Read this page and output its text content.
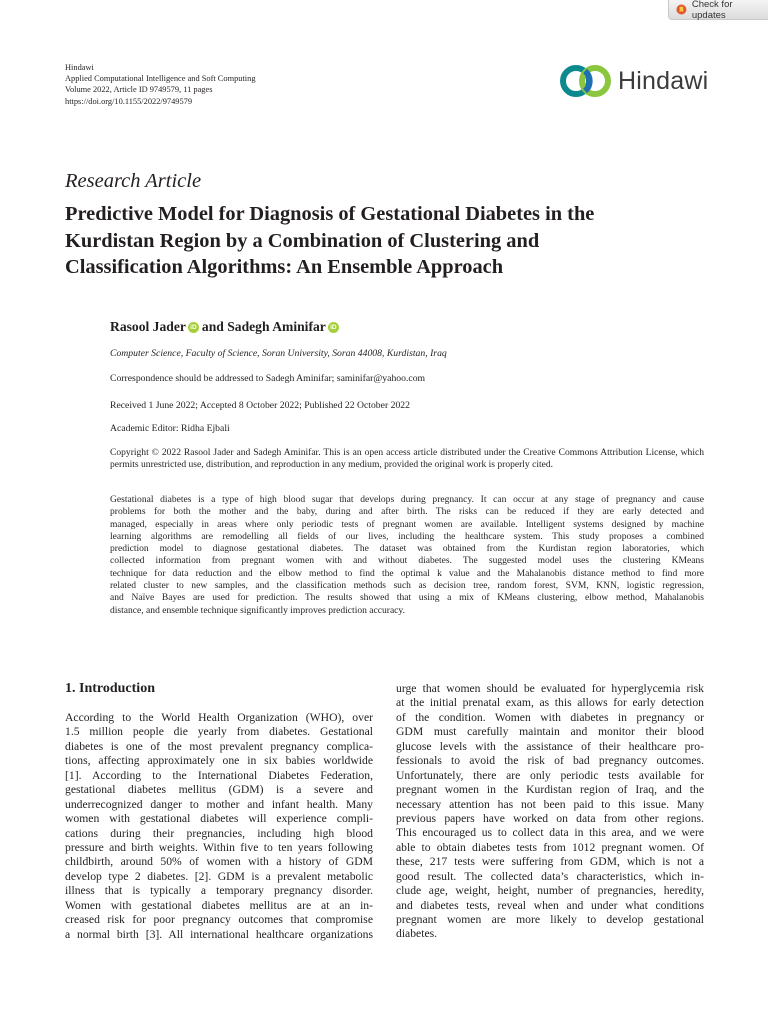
Check for updates
Hindawi
Applied Computational Intelligence and Soft Computing
Volume 2022, Article ID 9749579, 11 pages
https://doi.org/10.1155/2022/9749579
Hindawi
Research Article
Predictive Model for Diagnosis of Gestational Diabetes in the
Kurdistan Region by a Combination of Clustering and
Classification Algorithms: An Ensemble Approach
Rasool Jader iD and
Sadegh Aminifar iD
Computer Science, Faculty of Science, Soran University, Soran 44008, Kurdistan, Iraq
Correspondence should be addressed to Sadegh Aminifar; saminifar@yahoo.com
Received 1 June 2022; Accepted 8 October 2022; Published 22 October 2022
Academic Editor: Ridha Ejbali
Copyright © 2022 Rasool Jader and Sadegh Aminifar. This is an open access article distributed under the Creative Commons Attribution License, which permits unrestricted use, distribution, and reproduction in any medium, provided the original work is properly cited.
Gestational diabetes is a type of high blood sugar that develops during pregnancy. It can occur at any stage of pregnancy and cause
problems for both the mother and the baby, during and after birth. The risks can be reduced if they are early detected and
managed, especially in areas where only periodic tests of pregnant women are available. Intelligent systems designed by machine
learning algorithms are remodelling all fields of our lives, including the healthcare system. This study proposes a combined
prediction model to diagnose gestational diabetes. The dataset was obtained from the Kurdistan region laboratories, which
collected information from pregnant women with and without diabetes. The suggested model uses the clustering KMeans
technique for data reduction and the elbow method to find the optimal k value and the Mahalanobis distance method to find more
related cluster to new samples, and the classification methods such as decision tree, random forest, SVM, KNN, logistic regression,
and Naïve Bayes are used for prediction. The results showed that using a mix of KMeans clustering, elbow method, Mahalanobis
distance, and ensemble technique significantly improves prediction accuracy.
1. Introduction
According to the World Health Organization (WHO), over
1.5 million people die yearly from diabetes. Gestational
diabetes is one of the most prevalent pregnancy complica-
tions, affecting approximately one in six babies worldwide
[1]. According to the International Diabetes Federation,
gestational diabetes mellitus (GDM) is a severe and
underrecognized danger to mother and infant health. Many
women with gestational diabetes will experience compli-
cations during their pregnancies, including high blood
pressure and birth weights. Within five to ten years following
childbirth, around 50% of women with a history of GDM
develop type 2 diabetes. [2]. GDM is a prevalent metabolic
illness that is typically a temporary pregnancy disorder.
Women with gestational diabetes mellitus are at an in-
creased risk for poor pregnancy outcomes that compromise
a normal birth [3]. All international healthcare organizations
urge that women should be evaluated for hyperglycemia risk
at the initial prenatal exam, as this allows for early detection
of the condition. Women with diabetes in pregnancy or
GDM must carefully maintain and monitor their blood
glucose levels with the assistance of their healthcare pro-
fessionals to avoid the risk of bad pregnancy outcomes.
Unfortunately, there are only periodic tests available for
pregnant women in the Kurdistan region of Iraq, and the
necessary attention has not been paid to this issue. Many
previous papers have worked on data from other regions.
This encouraged us to collect data in this area, and we were
able to obtain diabetes tests from 1012 pregnant women. Of
these, 217 tests were suffering from GDM, which is not a
good result. The collected data’s characteristics, which in-
clude age, weight, height, number of pregnancies, heredity,
and diabetes tests, reveal when and under what conditions
pregnant women are more likely to develop gestational
diabetes.
